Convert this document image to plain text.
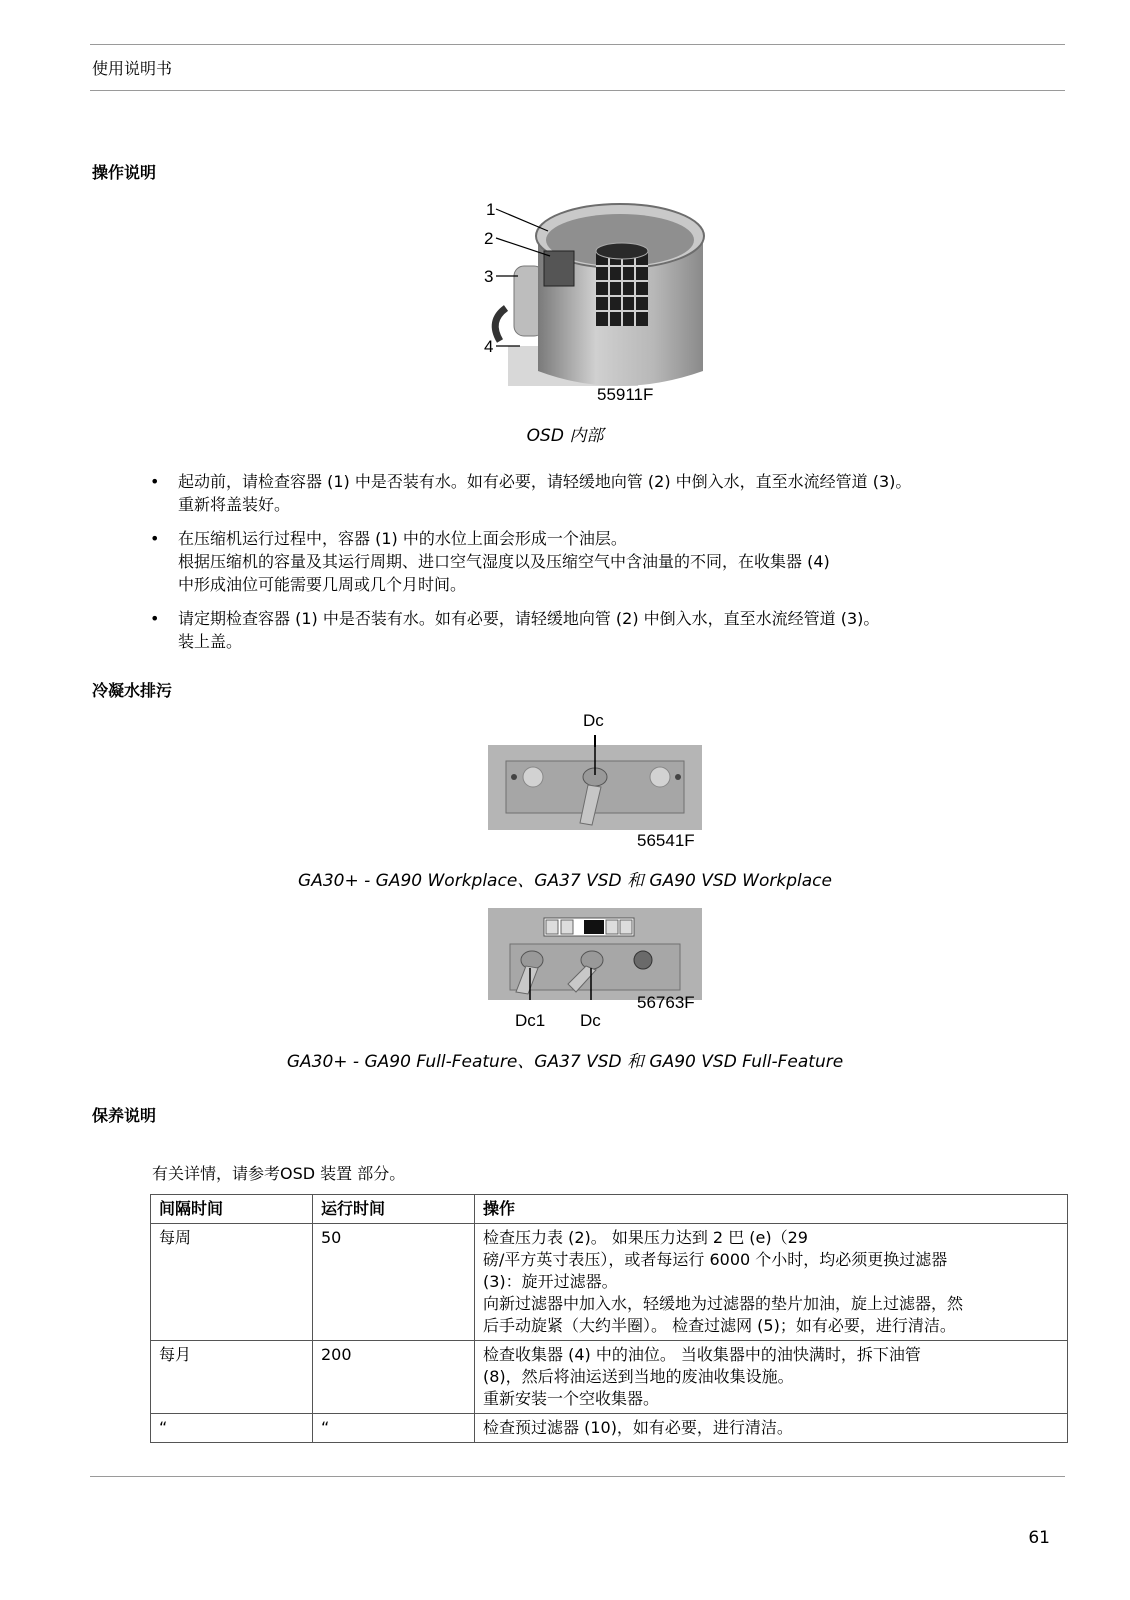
使用说明书
操作说明
1
2
3
4
55911F
OSD 内部
• 起动前，请检查容器 (1) 中是否装有水。如有必要，请轻缓地向管 (2) 中倒入水，直至水流经管道 (3)。
重新将盖装好。
• 在压缩机运行过程中，容器 (1) 中的水位上面会形成一个油层。
根据压缩机的容量及其运行周期、进口空气湿度以及压缩空气中含油量的不同，在收集器 (4)
中形成油位可能需要几周或几个月时间。
• 请定期检查容器 (1) 中是否装有水。如有必要，请轻缓地向管 (2) 中倒入水，直至水流经管道 (3)。
装上盖。
冷凝水排污
Dc
56541F
GA30+ - GA90 Workplace、GA37 VSD 和 GA90 VSD Workplace
56763F
Dc1 Dc
GA30+ - GA90 Full-Feature、GA37 VSD 和 GA90 VSD Full-Feature
保养说明
有关详情，请参考OSD 装置 部分。
间隔时间	运行时间	操作
每周	50	检查压力表 (2)。 如果压力达到 2 巴 (e)（29
磅/平方英寸表压），或者每运行 6000 个小时，均必须更换过滤器
(3)：旋开过滤器。
向新过滤器中加入水，轻缓地为过滤器的垫片加油，旋上过滤器，然
后手动旋紧（大约半圈）。 检查过滤网 (5)；如有必要，进行清洁。

每月	200	检查收集器 (4) 中的油位。 当收集器中的油快满时，拆下油管
(8)，然后将油运送到当地的废油收集设施。
重新安装一个空收集器。

“	“	检查预过滤器 (10)，如有必要，进行清洁。
61
